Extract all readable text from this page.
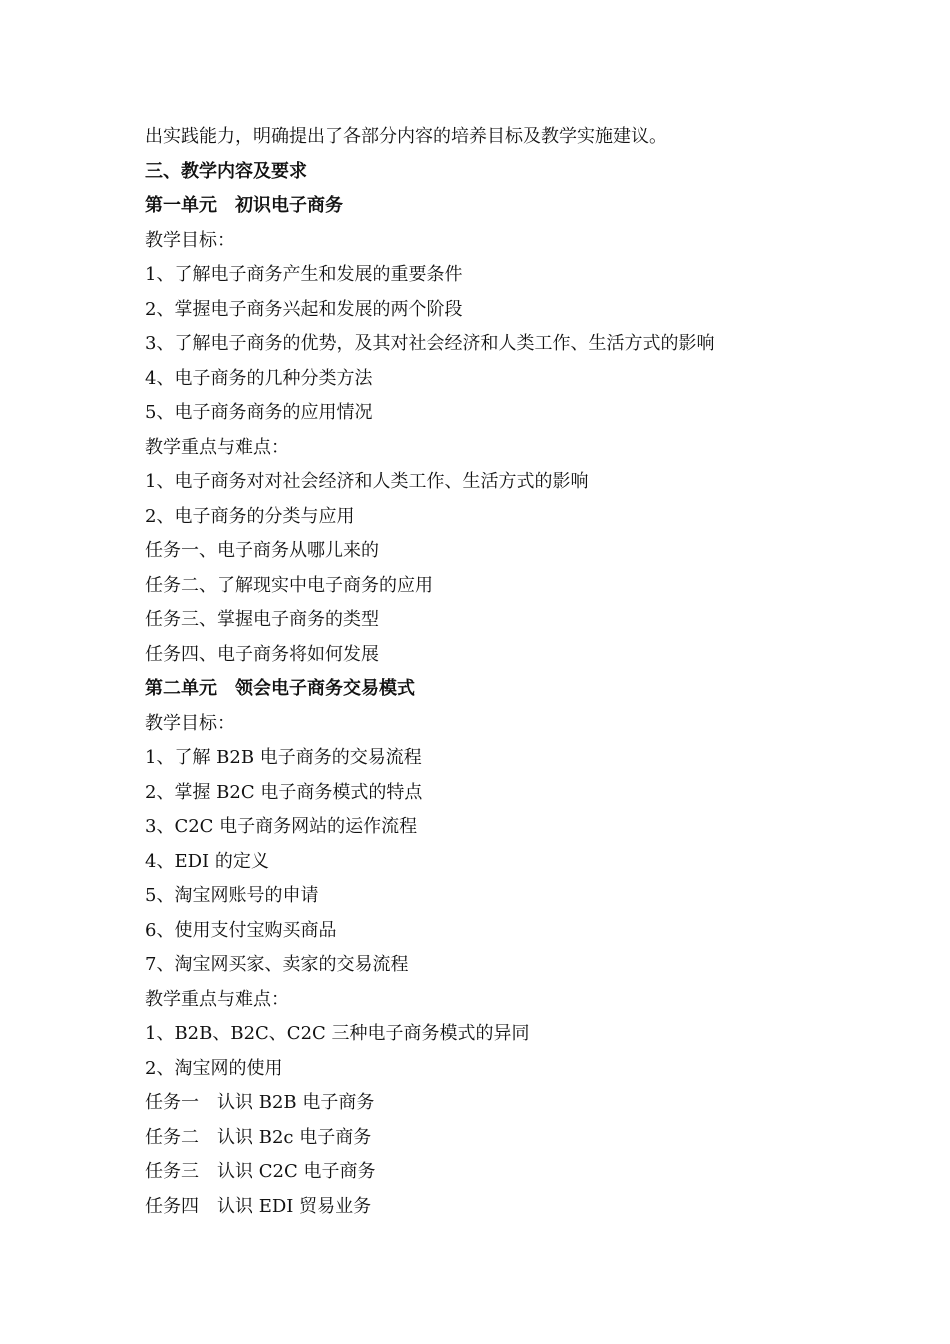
出实践能力，明确提出了各部分内容的培养目标及教学实施建议。
三、教学内容及要求
第一单元　初识电子商务
教学目标：
1、了解电子商务产生和发展的重要条件
2、掌握电子商务兴起和发展的两个阶段
3、了解电子商务的优势，及其对社会经济和人类工作、生活方式的影响
4、电子商务的几种分类方法
5、电子商务商务的应用情况
教学重点与难点：
1、电子商务对对社会经济和人类工作、生活方式的影响
2、电子商务的分类与应用
任务一、电子商务从哪儿来的
任务二、了解现实中电子商务的应用
任务三、掌握电子商务的类型
任务四、电子商务将如何发展
第二单元　领会电子商务交易模式
教学目标：
1、了解 B2B 电子商务的交易流程
2、掌握 B2C 电子商务模式的特点
3、C2C 电子商务网站的运作流程
4、EDI 的定义
5、淘宝网账号的申请
6、使用支付宝购买商品
7、淘宝网买家、卖家的交易流程
教学重点与难点：
1、B2B、B2C、C2C 三种电子商务模式的异同
2、淘宝网的使用
任务一　认识 B2B 电子商务
任务二　认识 B2c 电子商务
任务三　认识 C2C 电子商务
任务四　认识 EDI 贸易业务
